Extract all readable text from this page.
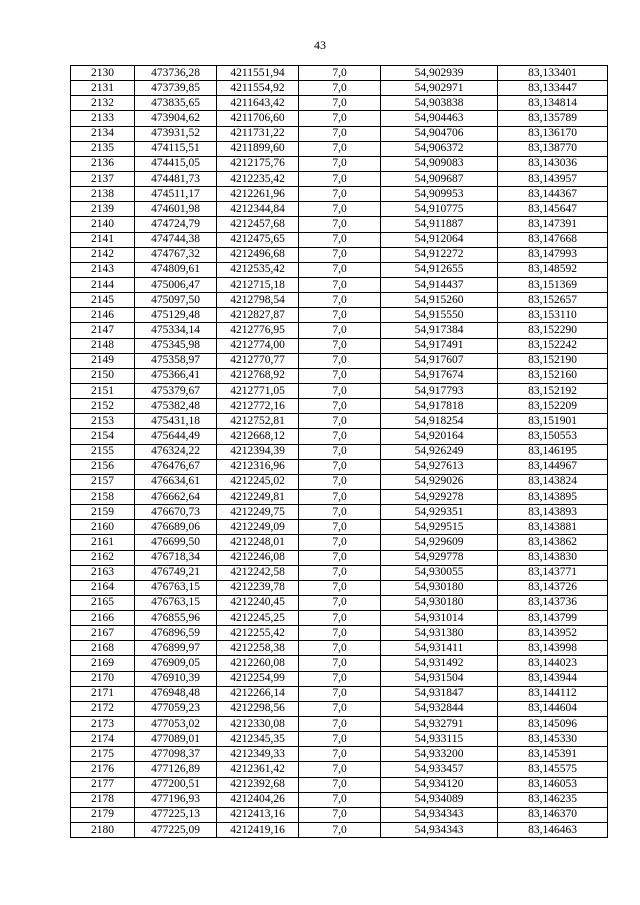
43
2130	473736,28	4211551,94	7,0	54,902939	83,133401
2131	473739,85	4211554,92	7,0	54,902971	83,133447
2132	473835,65	4211643,42	7,0	54,903838	83,134814
2133	473904,62	4211706,60	7,0	54,904463	83,135789
2134	473931,52	4211731,22	7,0	54,904706	83,136170
2135	474115,51	4211899,60	7,0	54,906372	83,138770
2136	474415,05	4212175,76	7,0	54,909083	83,143036
2137	474481,73	4212235,42	7,0	54,909687	83,143957
2138	474511,17	4212261,96	7,0	54,909953	83,144367
2139	474601,98	4212344,84	7,0	54,910775	83,145647
2140	474724,79	4212457,68	7,0	54,911887	83,147391
2141	474744,38	4212475,65	7,0	54,912064	83,147668
2142	474767,32	4212496,68	7,0	54,912272	83,147993
2143	474809,61	4212535,42	7,0	54,912655	83,148592
2144	475006,47	4212715,18	7,0	54,914437	83,151369
2145	475097,50	4212798,54	7,0	54,915260	83,152657
2146	475129,48	4212827,87	7,0	54,915550	83,153110
2147	475334,14	4212776,95	7,0	54,917384	83,152290
2148	475345,98	4212774,00	7,0	54,917491	83,152242
2149	475358,97	4212770,77	7,0	54,917607	83,152190
2150	475366,41	4212768,92	7,0	54,917674	83,152160
2151	475379,67	4212771,05	7,0	54,917793	83,152192
2152	475382,48	4212772,16	7,0	54,917818	83,152209
2153	475431,18	4212752,81	7,0	54,918254	83,151901
2154	475644,49	4212668,12	7,0	54,920164	83,150553
2155	476324,22	4212394,39	7,0	54,926249	83,146195
2156	476476,67	4212316,96	7,0	54,927613	83,144967
2157	476634,61	4212245,02	7,0	54,929026	83,143824
2158	476662,64	4212249,81	7,0	54,929278	83,143895
2159	476670,73	4212249,75	7,0	54,929351	83,143893
2160	476689,06	4212249,09	7,0	54,929515	83,143881
2161	476699,50	4212248,01	7,0	54,929609	83,143862
2162	476718,34	4212246,08	7,0	54,929778	83,143830
2163	476749,21	4212242,58	7,0	54,930055	83,143771
2164	476763,15	4212239,78	7,0	54,930180	83,143726
2165	476763,15	4212240,45	7,0	54,930180	83,143736
2166	476855,96	4212245,25	7,0	54,931014	83,143799
2167	476896,59	4212255,42	7,0	54,931380	83,143952
2168	476899,97	4212258,38	7,0	54,931411	83,143998
2169	476909,05	4212260,08	7,0	54,931492	83,144023
2170	476910,39	4212254,99	7,0	54,931504	83,143944
2171	476948,48	4212266,14	7,0	54,931847	83,144112
2172	477059,23	4212298,56	7,0	54,932844	83,144604
2173	477053,02	4212330,08	7,0	54,932791	83,145096
2174	477089,01	4212345,35	7,0	54,933115	83,145330
2175	477098,37	4212349,33	7,0	54,933200	83,145391
2176	477126,89	4212361,42	7,0	54,933457	83,145575
2177	477200,51	4212392,68	7,0	54,934120	83,146053
2178	477196,93	4212404,26	7,0	54,934089	83,146235
2179	477225,13	4212413,16	7,0	54,934343	83,146370
2180	477225,09	4212419,16	7,0	54,934343	83,146463
